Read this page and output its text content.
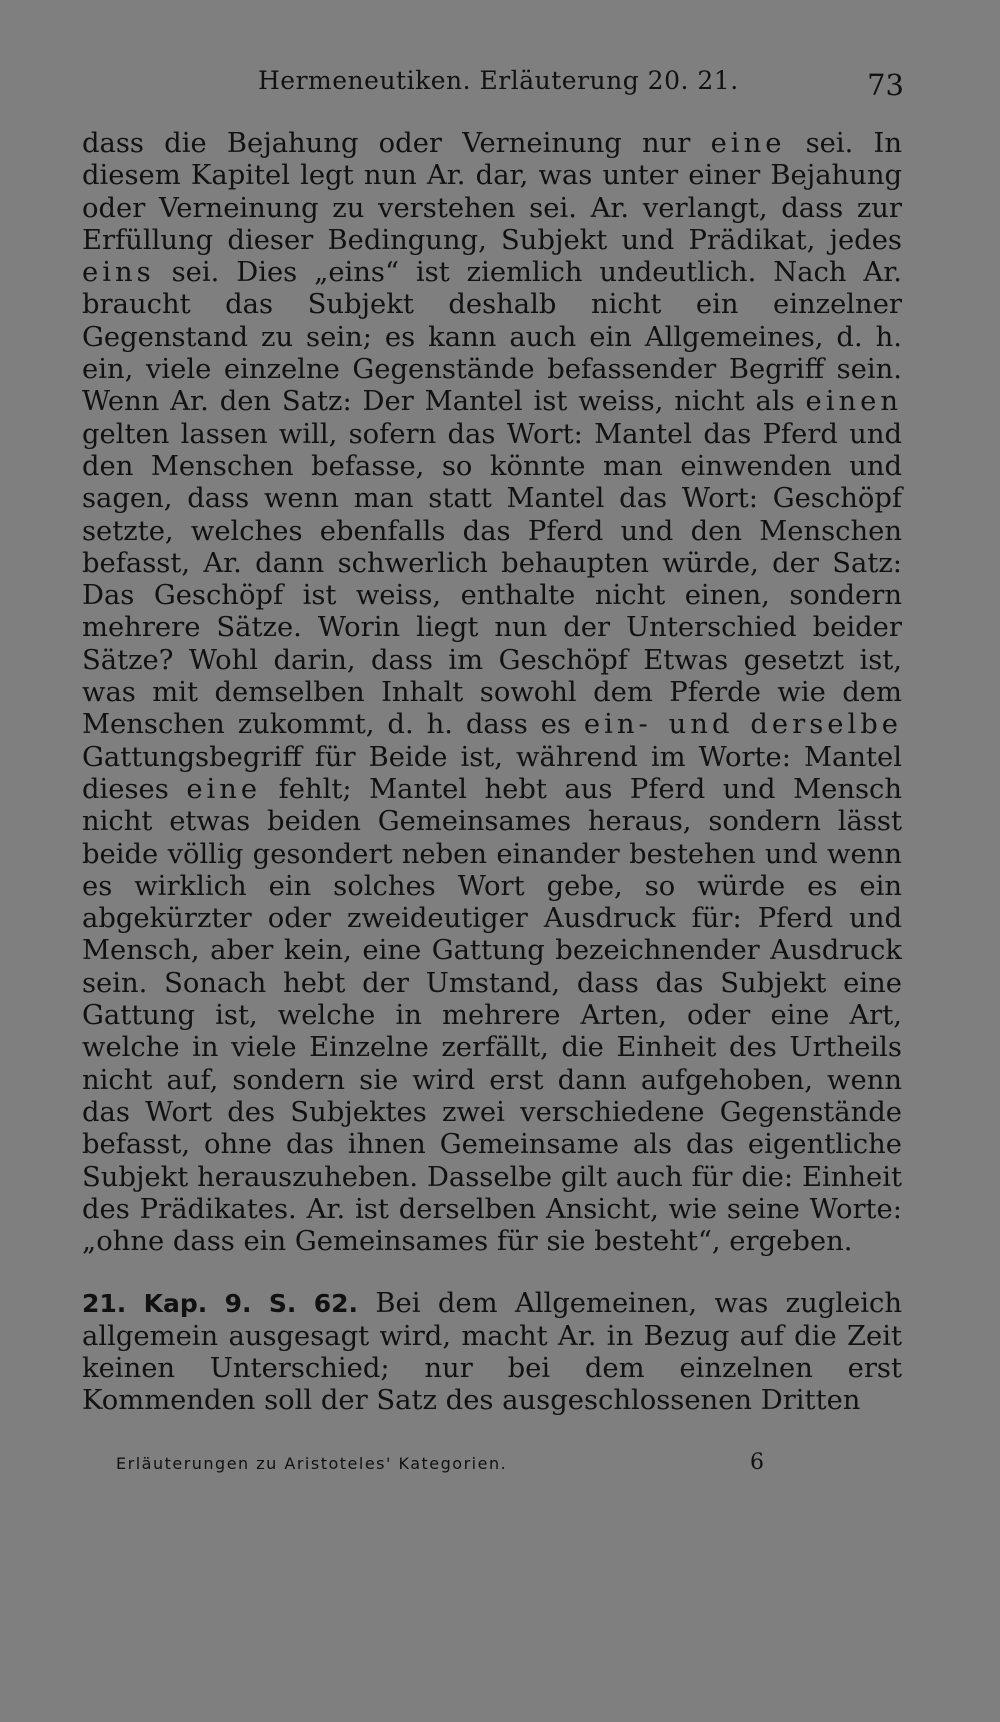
Hermeneutiken. Erläuterung 20. 21.	73

dass die Bejahung oder Verneinung nur eine sei. In diesem Kapitel legt nun Ar. dar, was unter einer Bejahung oder Verneinung zu verstehen sei. Ar. verlangt, dass zur Erfüllung dieser Bedingung, Subjekt und Prädikat, jedes eins sei. Dies „eins“ ist ziemlich undeutlich. Nach Ar. braucht das Subjekt deshalb nicht ein einzelner Gegenstand zu sein; es kann auch ein Allgemeines, d. h. ein, viele einzelne Gegenstände befassender Begriff sein. Wenn Ar. den Satz: Der Mantel ist weiss, nicht als einen gelten lassen will, sofern das Wort: Mantel das Pferd und den Menschen befasse, so könnte man einwenden und sagen, dass wenn man statt Mantel das Wort: Geschöpf setzte, welches ebenfalls das Pferd und den Menschen befasst, Ar. dann schwerlich behaupten würde, der Satz: Das Geschöpf ist weiss, enthalte nicht einen, sondern mehrere Sätze. Worin liegt nun der Unterschied beider Sätze? Wohl darin, dass im Geschöpf Etwas gesetzt ist, was mit demselben Inhalt sowohl dem Pferde wie dem Menschen zukommt, d. h. dass es ein- und derselbe Gattungsbegriff für Beide ist, während im Worte: Mantel dieses eine fehlt; Mantel hebt aus Pferd und Mensch nicht etwas beiden Gemeinsames heraus, sondern lässt beide völlig gesondert neben einander bestehen und wenn es wirklich ein solches Wort gebe, so würde es ein abgekürzter oder zweideutiger Ausdruck für: Pferd und Mensch, aber kein, eine Gattung bezeichnender Ausdruck sein. Sonach hebt der Umstand, dass das Subjekt eine Gattung ist, welche in mehrere Arten, oder eine Art, welche in viele Einzelne zerfällt, die Einheit des Urtheils nicht auf, sondern sie wird erst dann aufgehoben, wenn das Wort des Subjektes zwei verschiedene Gegenstände befasst, ohne das ihnen Gemeinsame als das eigentliche Subjekt herauszuheben. Dasselbe gilt auch für die: Einheit des Prädikates. Ar. ist derselben Ansicht, wie seine Worte: „ohne dass ein Gemeinsames für sie besteht“, ergeben.

21. Kap. 9. S. 62. Bei dem Allgemeinen, was zugleich allgemein ausgesagt wird, macht Ar. in Bezug auf die Zeit keinen Unterschied; nur bei dem einzelnen erst Kommenden soll der Satz des ausgeschlossenen Dritten

Erläuterungen zu Aristoteles' Kategorien.	6
